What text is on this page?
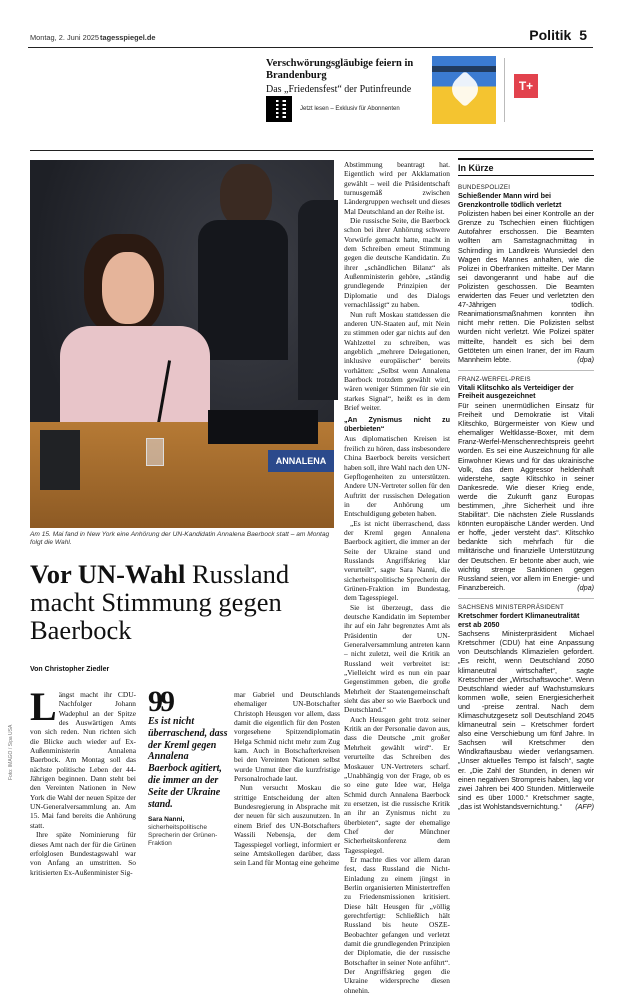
Montag, 2. Juni 2025 tagesspiegel.de	Politik 5
Verschwörungsgläubige feiern in Brandenburg
Das „Friedensfest“ der Putinfreunde
Jetzt lesen – Exklusiv für Abonnenten
T+
ANNALENA
Am 15. Mai fand in New York eine Anhörung der UN-Kandidatin Annalena Baerbock statt – am Montag folgt die Wahl.
Vor UN-Wahl Russland macht Stimmung gegen Baerbock
Von Christopher Ziedler
Foto: IMAGO / Sipa USA
L ängst macht ihr CDU-Nachfolger Johann Wadephul an der Spitze des Auswärtigen Amts von sich reden. Nun richten sich die Blicke auch wieder auf Ex-Außenministerin Annalena Baerbock. Am Montag soll das nächste politische Leben der 44-Jährigen beginnen. Dann steht bei den Vereinten Nationen in New York die Wahl der neuen Spitze der UN-Generalversammlung an. Am 15. Mai fand bereits die Anhörung statt.

Ihre späte Nominierung für dieses Amt nach der für die Grünen erfolglosen Bundestagswahl war von Anfang an umstritten. So kritisierten Ex-Außenminister Sig-

99
Es ist nicht überraschend, dass der Kreml gegen Annalena Baerbock agitiert, die immer an der Seite der Ukraine stand.
Sara Nanni, sicherheitspolitische Sprecherin der Grünen-Fraktion

mar Gabriel und Deutschlands ehemaliger UN-Botschafter Christoph Heusgen vor allem, dass damit die eigentlich für den Posten vorgesehene Spitzendiplomatin Helga Schmid nicht mehr zum Zug kam. Auch in Botschafterkreisen bei den Vereinten Nationen selbst wurde Unmut über die kurzfristige Personalrochade laut.

Nun versucht Moskau die strittige Entscheidung der alten Bundesregierung in Absprache mit der neuen für sich auszunutzen. In einem Brief des UN-Botschafters Wassili Nebensja, der dem Tagesspiegel vorliegt, informiert er seine Amtskollegen darüber, dass sein Land für Montag eine geheime

Abstimmung beantragt hat. Eigentlich wird per Akklamation gewählt – weil die Präsidentschaft turnusgemäß zwischen Ländergruppen wechselt und dieses Mal Deutschland an der Reihe ist.

Die russische Seite, die Baerbock schon bei ihrer Anhörung schwere Vorwürfe gemacht hatte, macht in dem Schreiben erneut Stimmung gegen die deutsche Kandidatin. Zu ihrer „schändlichen Bilanz“ als Außenministerin gehöre, „ständig grundlegende Prinzipien der Diplomatie und des Dialogs vernachlässigt“ zu haben.

Nun ruft Moskau stattdessen die anderen UN-Staaten auf, mit Nein zu stimmen oder gar nichts auf den Wahlzettel zu schreiben, was angeblich „mehrere Delegationen, inklusive europäischer“ bereits vorhätten: „Selbst wenn Annalena Baerbock trotzdem gewählt wird, wären weniger Stimmen für sie ein starkes Signal“, heißt es in dem Brief weiter.

„An Zynismus nicht zu überbieten“

Aus diplomatischen Kreisen ist freilich zu hören, dass insbesondere China Baerbock bereits versichert haben soll, ihre Wahl nach den UN-Gepflogenheiten zu unterstützen. Andere UN-Vertreter sollen für den Auftritt der russischen Delegation in der Anhörung um Entschuldigung gebeten haben.

„Es ist nicht überraschend, dass der Kreml gegen Annalena Baerbock agitiert, die immer an der Seite der Ukraine stand und Russlands Angriffskrieg klar verurteilt“, sagte Sara Nanni, die sicherheitspolitische Sprecherin der Grünen-Fraktion im Bundestag, dem Tagesspiegel.

Sie ist überzeugt, dass die deutsche Kandidatin im September ihr auf ein Jahr begrenztes Amt als Präsidentin der UN-Generalversammlung antreten kann – nicht zuletzt, weil die Kritik an Russland weit verbreitet ist: „Vielleicht wird es nun ein paar Gegenstimmen geben, die große Mehrheit der Staatengemeinschaft sieht das aber so wie Baerbock und Deutschland.“

Auch Heusgen geht trotz seiner Kritik an der Personalie davon aus, dass die Deutsche „mit großer Mehrheit gewählt wird“. Er verurteilte das Schreiben des Moskauer UN-Vertreters scharf. „Unabhängig von der Frage, ob es so eine gute Idee war, Helga Schmid durch Annalena Baerbock zu ersetzen, ist die russische Kritik an ihr an Zynismus nicht zu überbieten“, sagte der ehemalige Chef der Münchner Sicherheitskonferenz dem Tagesspiegel.

Er machte dies vor allem daran fest, dass Russland die Nicht-Einladung zu einem jüngst in Berlin organisierten Ministertreffen zu Friedensmissionen kritisiert. Diese hält Heusgen für „völlig gerechtfertigt: Schließlich hält Russland bis heute OSZE-Beobachter gefangen und verletzt damit die grundlegenden Prinzipien der Diplomatie, die der russische Botschafter in seiner Note anführt“. Der Angriffskrieg gegen die Ukraine widerspreche diesen ohnehin.

In Kürze
BUNDESPOLIZEI
Schießender Mann wird bei Grenzkontrolle tödlich verletzt
Polizisten haben bei einer Kontrolle an der Grenze zu Tschechien einen flüchtigen Autofahrer erschossen. Die Beamten wollten am Samstagnachmittag in Schirnding im Landkreis Wunsiedel den Wagen des Mannes anhalten, wie die Polizei in Oberfranken mitteilte. Der Mann sei davongerannt und habe auf die Polizisten geschossen. Die Beamten erwiderten das Feuer und verletzten den 47-Jährigen tödlich. Reanimationsmaßnahmen konnten ihn nicht mehr retten. Die Polizisten selbst wurden nicht verletzt. Wie Polizei später mitteilte, handelt es sich bei dem Getöteten um einen Iraner, der im Raum Mannheim lebte.	(dpa)
FRANZ-WERFEL-PREIS
Vitali Klitschko als Verteidiger der Freiheit ausgezeichnet
Für seinen unermüdlichen Einsatz für Freiheit und Demokratie ist Vitali Klitschko, Bürgermeister von Kiew und ehemaliger Weltklasse-Boxer, mit dem Franz-Werfel-Menschenrechtspreis geehrt worden. Es sei eine Auszeichnung für alle Einwohner Kiews und für das ukrainische Volk, das dem Aggressor heldenhaft widerstehe, sagte Klitschko in seiner Dankesrede. Wie dieser Krieg ende, werde die Zukunft ganz Europas bestimmen, „ihre Sicherheit und ihre Stabilität“. Die nächsten Ziele Russlands könnten europäische Länder werden. Und er hoffe, „jeder versteht das“. Klitschko bedankte sich mehrfach für die militärische und finanzielle Unterstützung der Deutschen. Er betonte aber auch, wie wichtig strenge Sanktionen gegen Russland seien, vor allem im Energie- und Finanzbereich.	(dpa)
SACHSENS MINISTERPRÄSIDENT
Kretschmer fordert Klimaneutralität erst ab 2050
Sachsens Ministerpräsident Michael Kretschmer (CDU) hat eine Anpassung von Deutschlands Klimazielen gefordert. „Es reicht, wenn Deutschland 2050 klimaneutral wirtschaftet“, sagte Kretschmer der „Wirtschaftswoche“. Wenn Deutschland wieder auf Wachstumskurs kommen wolle, seien Energiesicherheit und -preise zentral. Nach dem Klimaschutzgesetz soll Deutschland 2045 klimaneutral sein – Kretschmer fordert also eine Verschiebung um fünf Jahre. In Sachsen will Kretschmer den Windkraftausbau wieder verlangsamen. „Unser aktuelles Tempo ist falsch“, sagte er. „Die Zahl der Stunden, in denen wir einen negativen Strompreis haben, lag vor zwei Jahren bei 400 Stunden. Mittlerweile sind es über 1000.“ Kretschmer sagte, „das ist Wohlstandsvernichtung.“ (AFP)
